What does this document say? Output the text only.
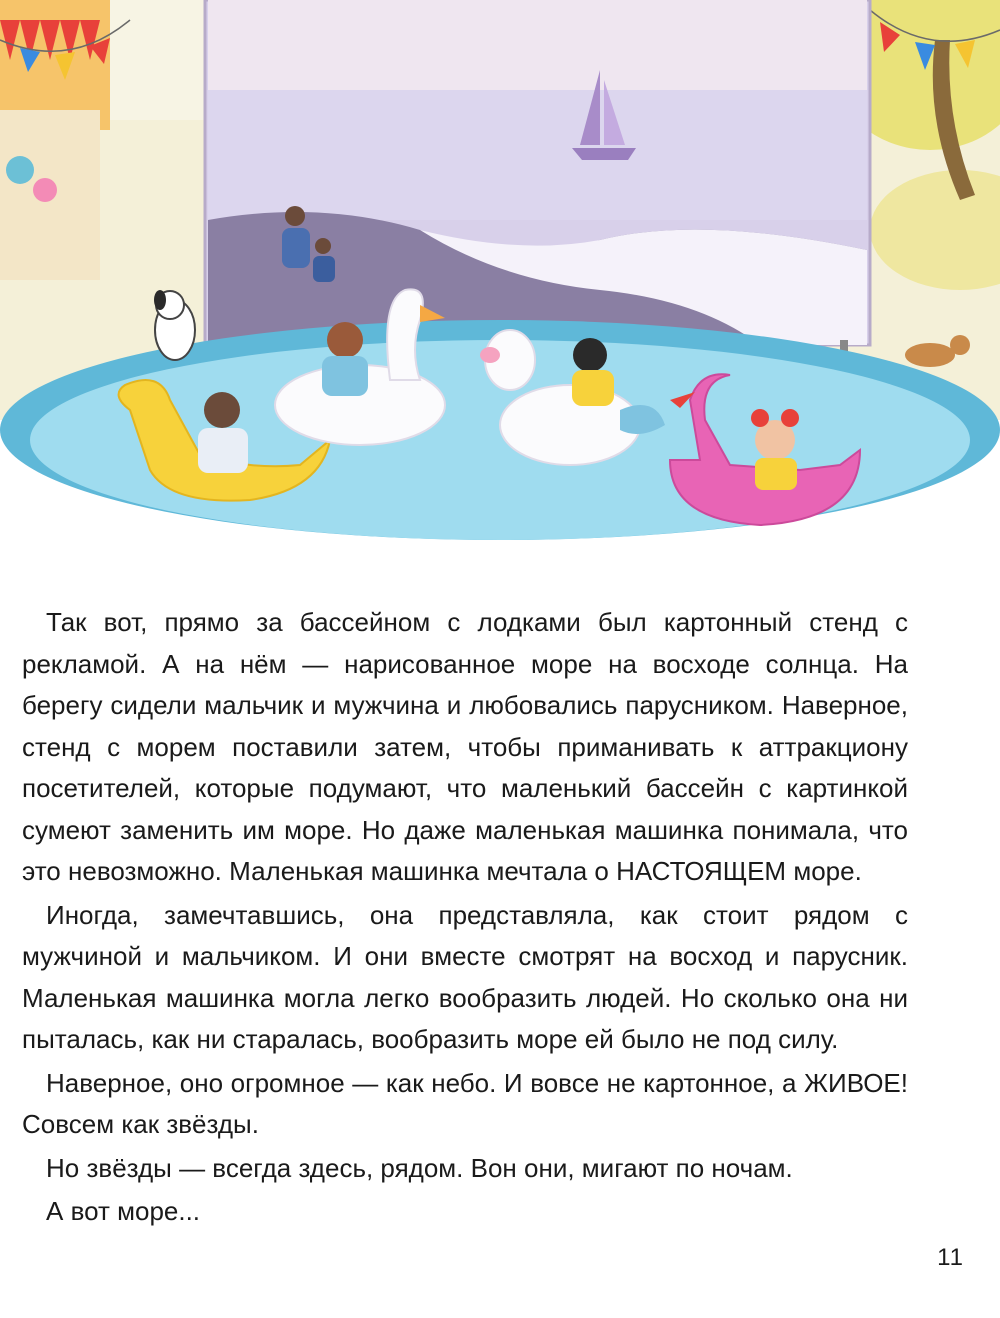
Так вот, прямо за бассейном с лодками был картонный стенд с рекламой. А на нём — нарисованное море на восходе солнца. На берегу сидели мальчик и мужчина и любовались парусником. Наверное, стенд с морем поставили затем, чтобы приманивать к аттракциону посетителей, которые подумают, что маленький бассейн с картинкой сумеют заменить им море. Но даже маленькая машинка понимала, что это невозможно. Маленькая машинка мечтала о НАСТОЯЩЕМ море.

Иногда, замечтавшись, она представляла, как стоит рядом с мужчиной и мальчиком. И они вместе смотрят на восход и парусник. Маленькая машинка могла легко вообразить людей. Но сколько она ни пыталась, как ни старалась, вообразить море ей было не под силу.

Наверное, оно огромное — как небо. И вовсе не картонное, а ЖИВОЕ! Совсем как звёзды.

Но звёзды — всегда здесь, рядом. Вон они, мигают по ночам.

А вот море...

11
